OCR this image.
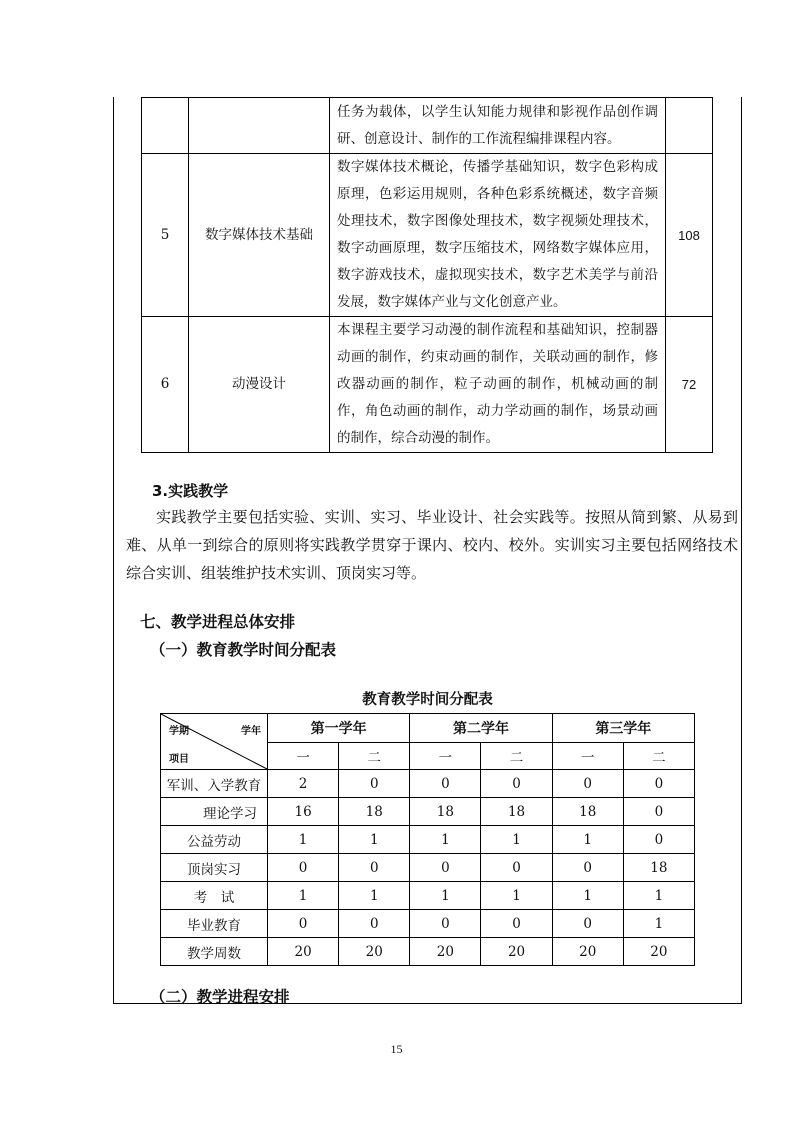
		任务为载体，以学生认知能力规律和影视作品创作调研、创意设计、制作的工作流程编排课程内容。	
5	数字媒体技术基础	数字媒体技术概论，传播学基础知识，数字色彩构成原理，色彩运用规则，各种色彩系统概述，数字音频处理技术，数字图像处理技术，数字视频处理技术，数字动画原理，数字压缩技术，网络数字媒体应用，数字游戏技术，虚拟现实技术，数字艺术美学与前沿发展，数字媒体产业与文化创意产业。	108
6	动漫设计	本课程主要学习动漫的制作流程和基础知识，控制器动画的制作，约束动画的制作，关联动画的制作，修改器动画的制作，粒子动画的制作，机械动画的制作，角色动画的制作，动力学动画的制作，场景动画的制作，综合动漫的制作。	72
3.实践教学
实践教学主要包括实验、实训、实习、毕业设计、社会实践等。按照从简到繁、从易到难、从单一到综合的原则将实践教学贯穿于课内、校内、校外。实训实习主要包括网络技术综合实训、组装维护技术实训、顶岗实习等。
七、教学进程总体安排
（一）教育教学时间分配表
教育教学时间分配表
学期 学年
项目	第一学年		第二学年		第三学年	
	一	二	一	二	一	二
军训、入学教育	2	0	0	0	0	0
理论学习	16	18	18	18	18	0
公益劳动	1	1	1	1	1	0
顶岗实习	0	0	0	0	0	18
考　试	1	1	1	1	1	1
毕业教育	0	0	0	0	0	1
教学周数	20	20	20	20	20	20
（二）教学进程安排
15
